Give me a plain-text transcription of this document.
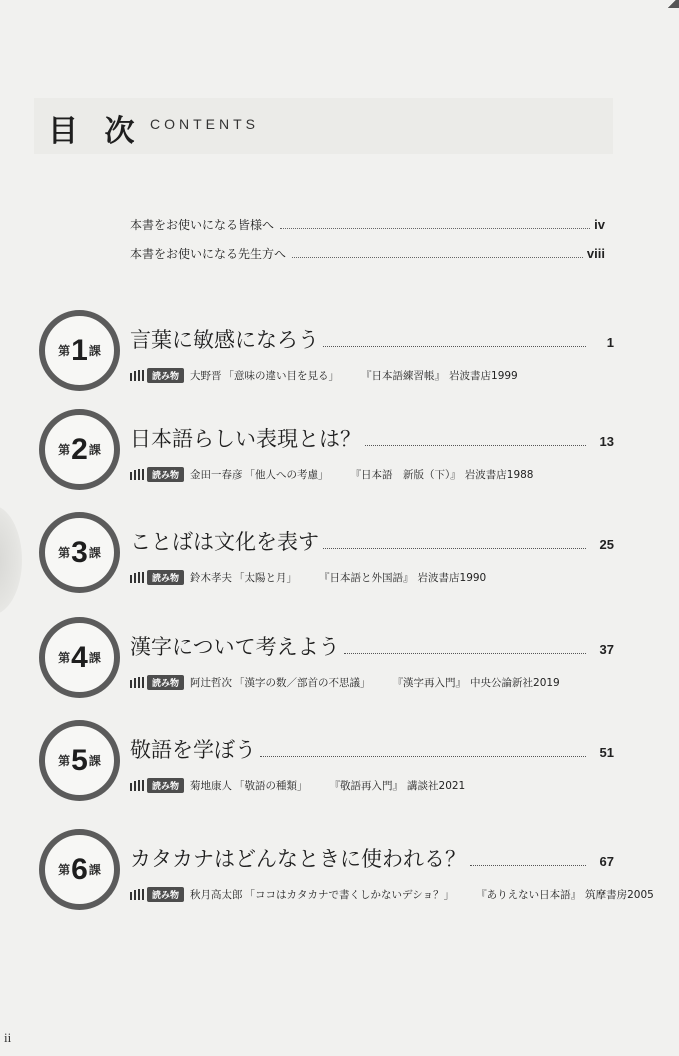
目 次 CONTENTS
本書をお使いになる皆様へ	iv
本書をお使いになる先生方へ	viii
第 1 課 言葉に敏感になろう	1
読み物	大野晋 「意味の違い目を見る」 『日本語練習帳』 岩波書店1999
第 2 課 日本語らしい表現とは？	13
読み物	金田一春彦 「他人への考慮」 『日本語　新版（下）』 岩波書店1988
第 3 課 ことばは文化を表す	25
読み物	鈴木孝夫 「太陽と月」 『日本語と外国語』 岩波書店1990
第 4 課 漢字について考えよう	37
読み物	阿辻哲次 「漢字の数／部首の不思議」 『漢字再入門』 中央公論新社2019
第 5 課 敬語を学ぼう	51
読み物	菊地康人 「敬語の種類」 『敬語再入門』 講談社2021
第 6 課 カタカナはどんなときに使われる？	67
読み物	秋月高太郎 「ココはカタカナで書くしかないデショ？」 『ありえない日本語』 筑摩書房2005
ii
